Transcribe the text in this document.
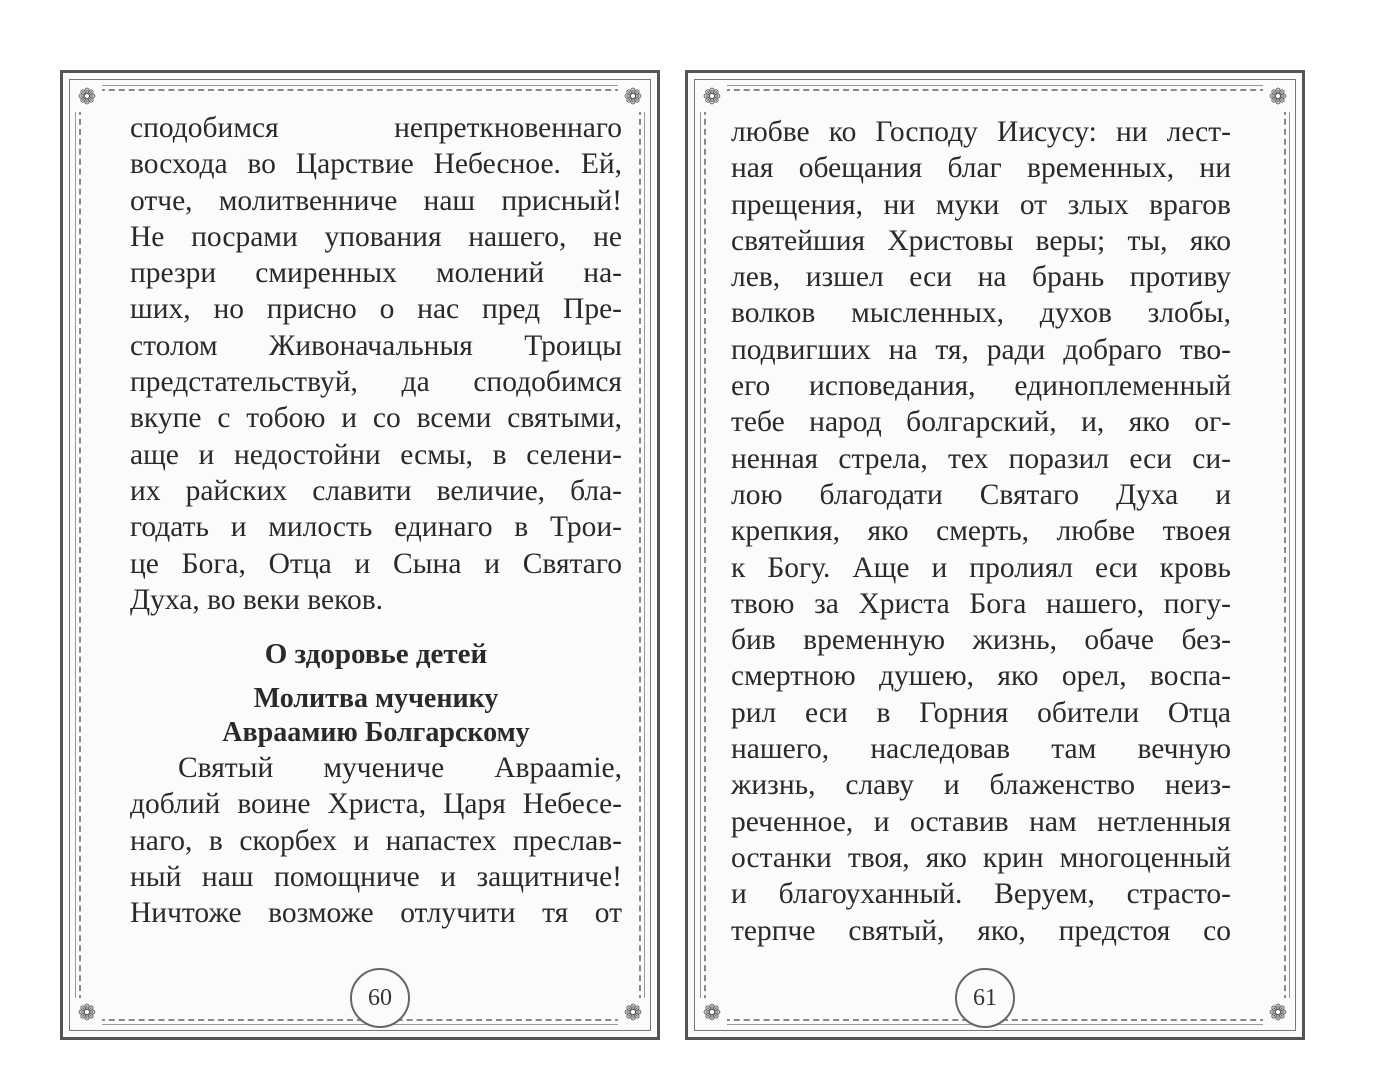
❁	❁
❁	❁
сподобимся непреткновеннаго
восхода во Царствие Небесное. Ей,
отче, молитвенниче наш присный!
Не посрами упования нашего, не
презри смиренных молений на-
ших, но присно о нас пред Пре-
столом Живоначальныя Троицы
предстательствуй, да сподобимся
вкупе с тобою и со всеми святыми,
аще и недостойни есмы, в селени-
их райских славити величие, бла-
годать и милость единаго в Трои-
це Бога, Отца и Сына и Святаго
Духа, во веки веков.
О здоровье детей
Молитва мученику
Авраамию Болгарскому
Святый мучениче Аврааmie,
доблий воине Христа, Царя Небесе-
наго, в скорбех и напастех преслав-
ный наш помощниче и защитниче!
Ничтоже возможе отлучити тя от
60
❁	❁
❁	❁
любве ко Господу Иисусу: ни лест-
ная обещания благ временных, ни
прещения, ни муки от злых врагов
святейшия Христовы веры; ты, яко
лев, изшел еси на брань противу
волков мысленных, духов злобы,
подвигших на тя, ради добраго тво-
его исповедания, единоплеменный
тебе народ болгарский, и, яко ог-
ненная стрела, тех поразил еси си-
лою благодати Святаго Духа и
крепкия, яко смерть, любве твоея
к Богу. Аще и пролиял еси кровь
твою за Христа Бога нашего, погу-
бив временную жизнь, обаче без-
смертною душею, яко орел, воспа-
рил еси в Горния обители Отца
нашего, наследовав там вечную
жизнь, славу и блаженство неиз-
реченное, и оставив нам нетленныя
останки твоя, яко крин многоценный
и благоуханный. Веруем, страсто-
терпче святый, яко, предстоя со
61
